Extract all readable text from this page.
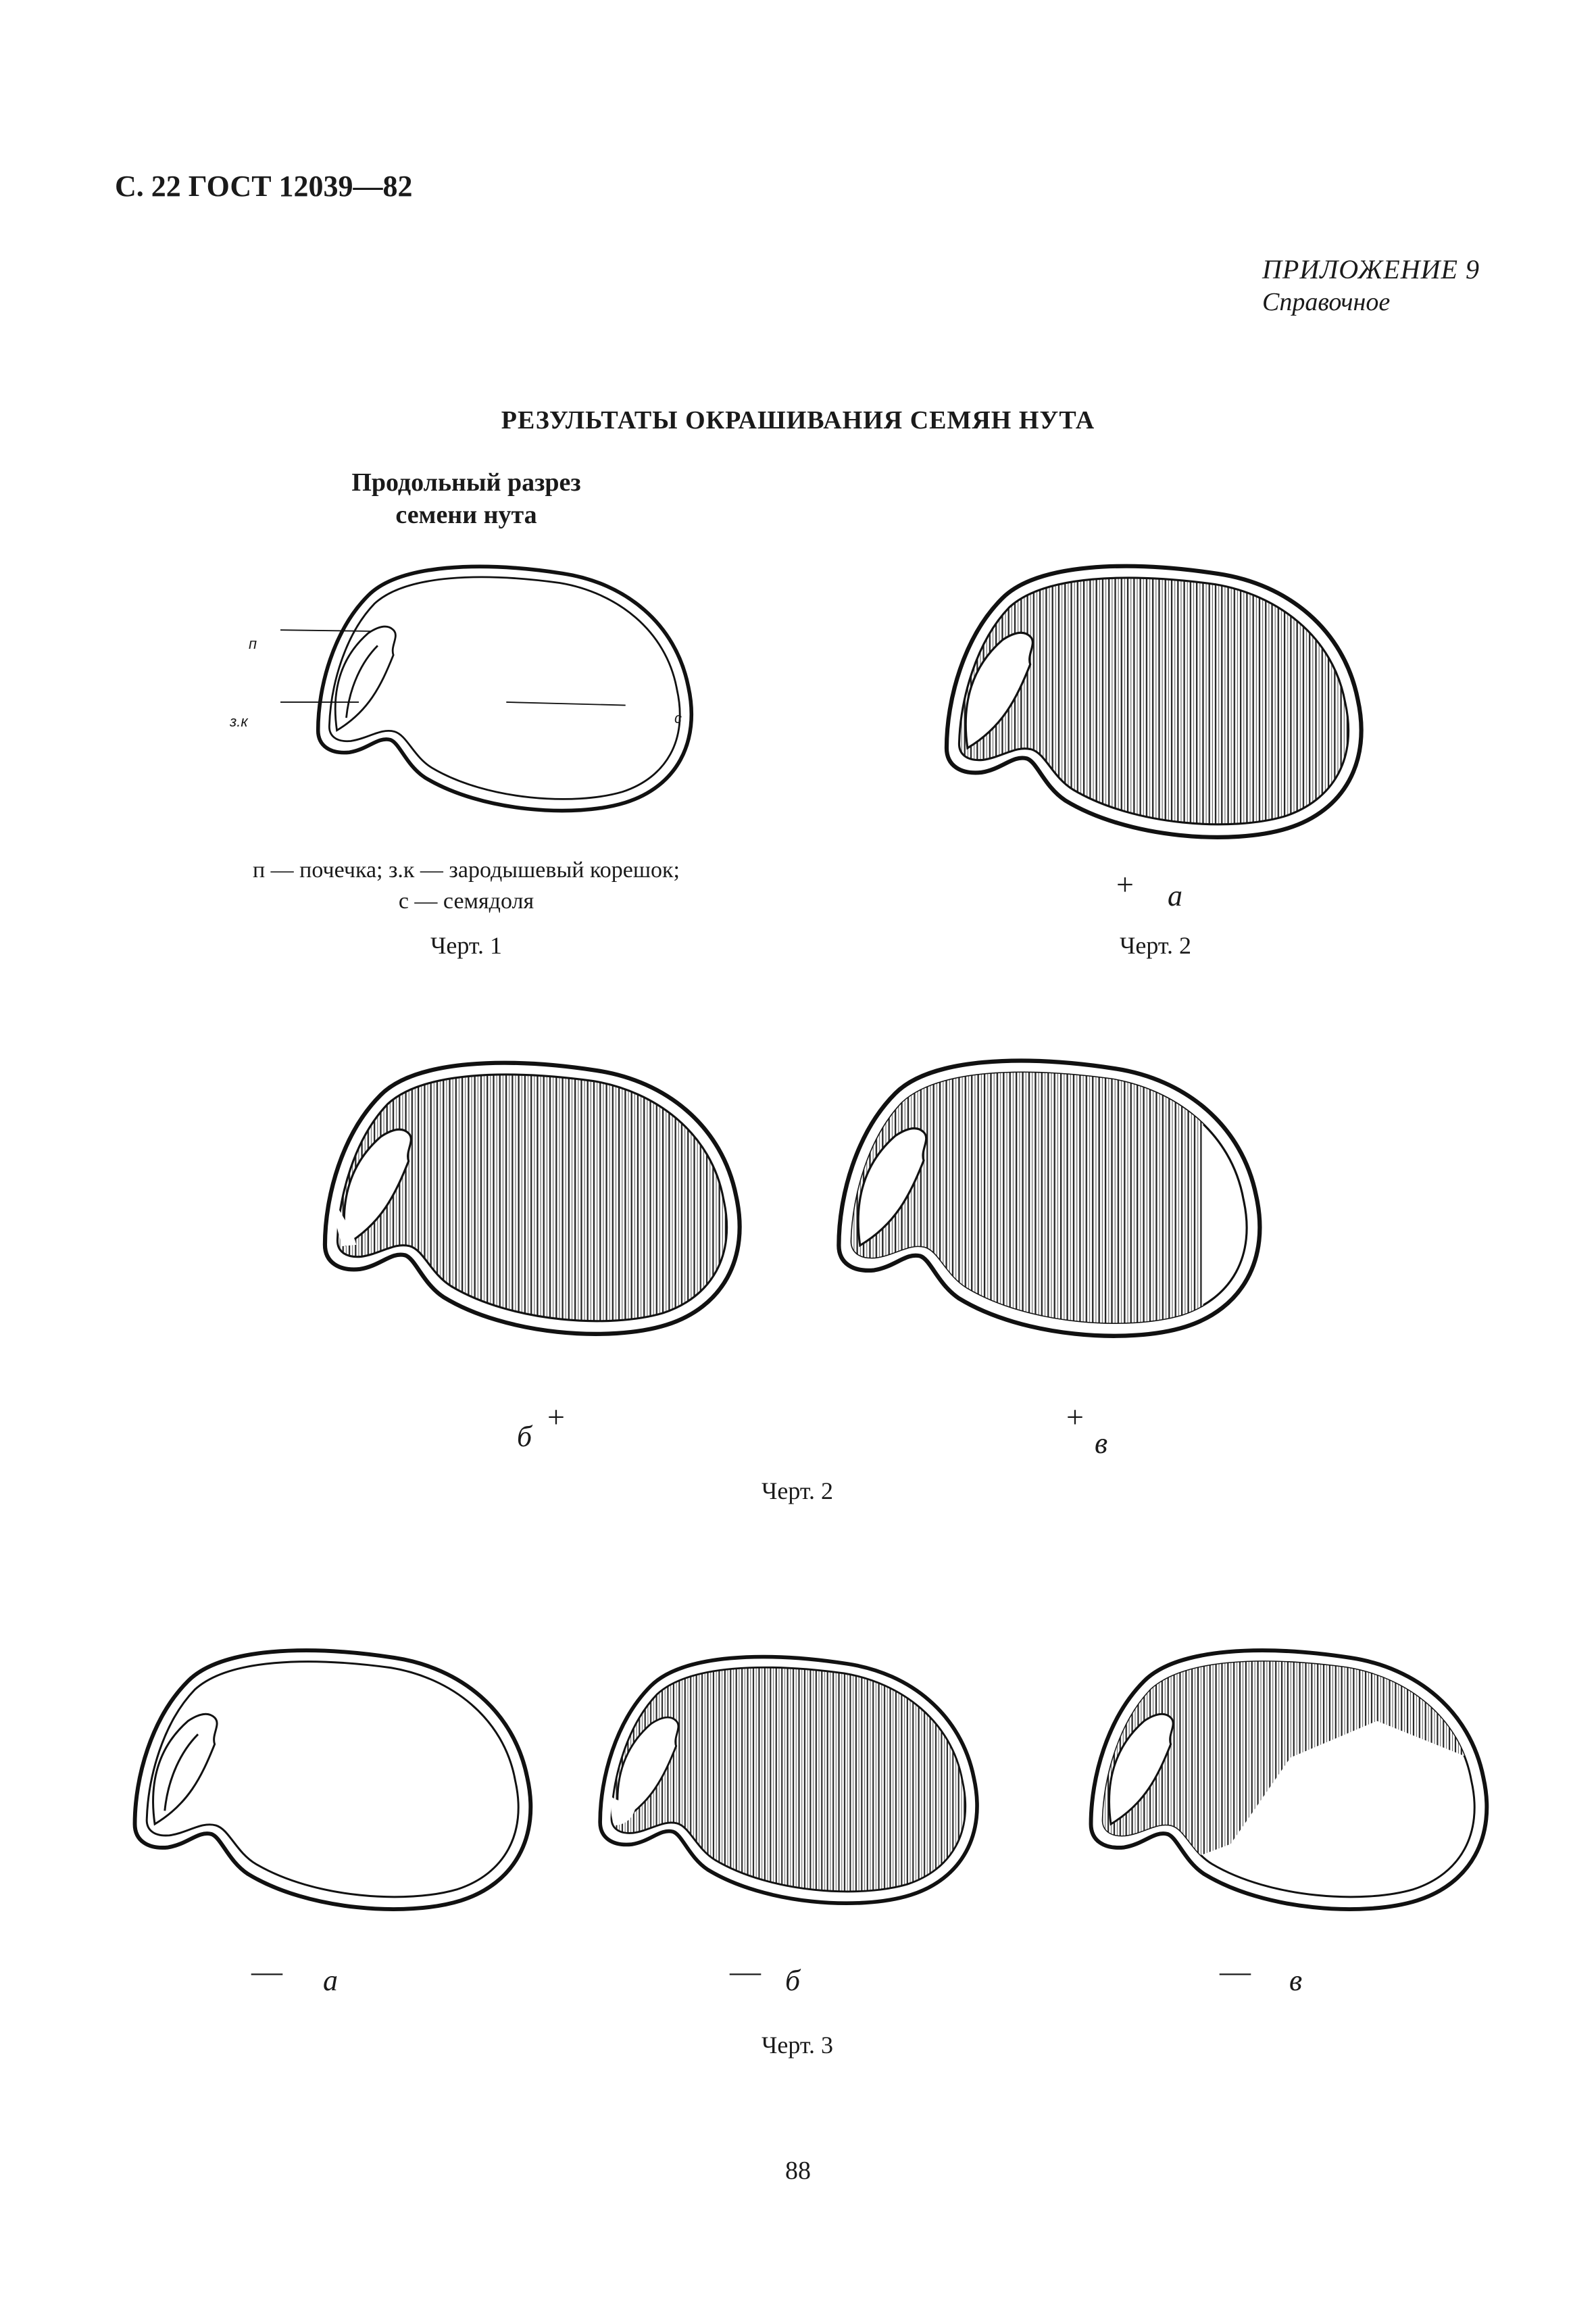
С. 22 ГОСТ 12039—82
ПРИЛОЖЕНИЕ 9
Справочное
РЕЗУЛЬТАТЫ ОКРАШИВАНИЯ СЕМЯН НУТА
Продольный разрез
семени нута
п
з.к	с
п — почечка; з.к — зародышевый корешок;
с — семядоля
Черт. 1
+ а
Черт. 2
б
+	+
в
Черт. 2
— а	— б	— в
Черт. 3
88
